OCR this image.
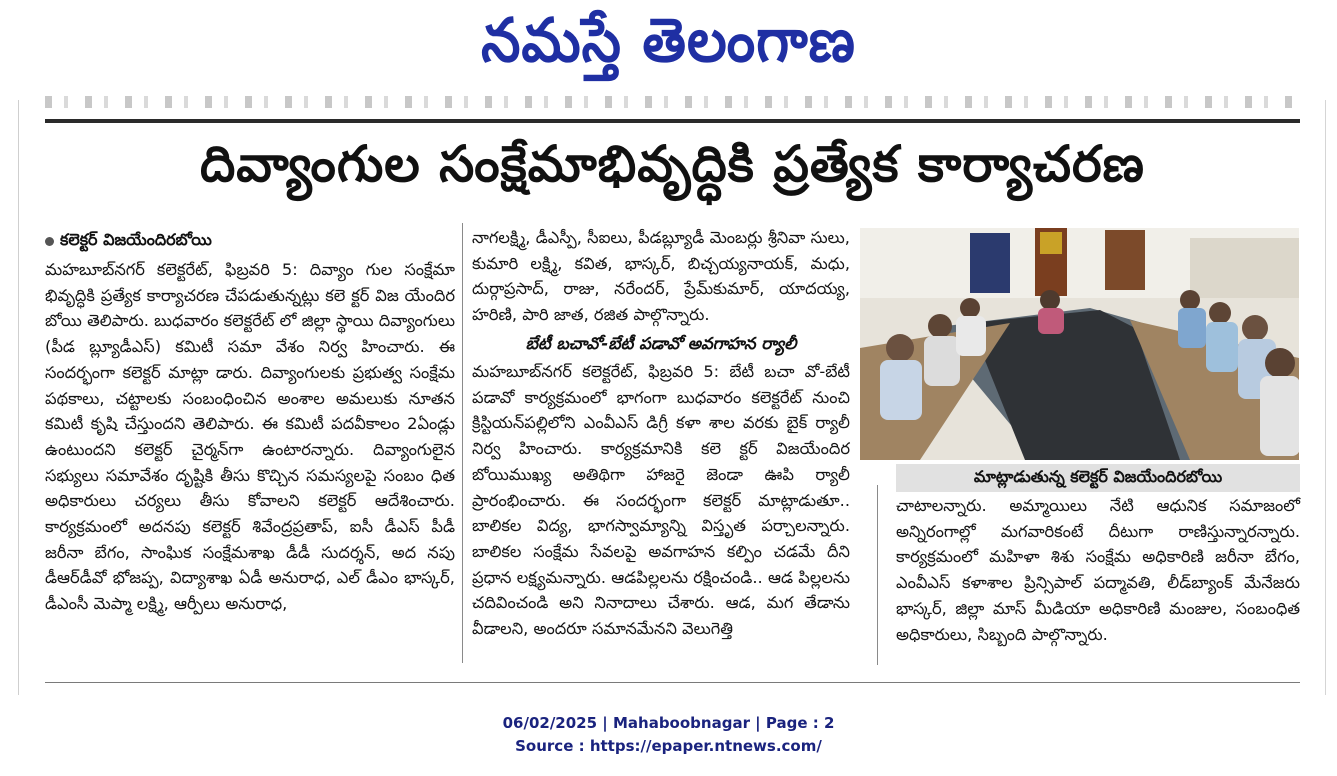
నమస్తే తెలంగాణ
దివ్యాంగుల సంక్షేమాభివృద్ధికి ప్రత్యేక కార్యాచరణ
కలెక్టర్ విజయేందిరబోయి

మహబూబ్‌నగర్ కలెక్టరేట్, ఫిబ్రవరి 5: దివ్యాం గుల సంక్షేమా భివృద్ధికి ప్రత్యేక కార్యాచరణ చేపడుతున్నట్లు కలె క్టర్ విజ యేందిర బోయి తెలిపారు. బుధవారం కలెక్టరేట్ లో జిల్లా స్థాయి దివ్యాంగులు (పీడ బ్ల్యూడీఎస్) కమిటీ సమా వేశం నిర్వ హించారు. ఈ సందర్భంగా కలెక్టర్ మాట్లా డారు. దివ్యాంగులకు ప్రభుత్వ సంక్షేమ పథకాలు, చట్టాలకు సంబంధించిన అంశాల అమలుకు నూతన కమిటీ కృషి చేస్తుందని తెలిపారు. ఈ కమిటీ పదవీకాలం 2ఏండ్లు ఉంటుందని కలెక్టర్ చైర్మన్‌గా ఉంటారన్నారు. దివ్యాంగులైన సభ్యులు సమావేశం దృష్టికి తీసు కొచ్చిన సమస్యలపై సంబం ధిత అధికారులు చర్యలు తీసు కోవాలని కలెక్టర్ ఆదేశించారు. కార్యక్రమంలో అదనపు కలెక్టర్ శివేంద్రప్రతాప్, ఐసీ డీఎస్ పీడీ జరీనా బేగం, సాంఘిక సంక్షేమశాఖ డీడీ సుదర్శన్, అద నపు డీఆర్‌డీవో భోజప్ప, విద్యాశాఖ ఏడీ అనురాధ, ఎల్ డీఎం భాస్కర్, డీఎంసీ మెప్మా లక్ష్మి, ఆర్పీలు అనురాధ,

నాగలక్ష్మి, డీఎస్పీ, సీఐలు, పీడబ్ల్యూడీ మెంబర్లు శ్రీనివా సులు, కుమారి లక్ష్మి, కవిత, భాస్కర్, బిచ్చయ్యనాయక్, మధు, దుర్గాప్రసాద్, రాజు, నరేందర్, ప్రేమ్‌కుమార్, యాదయ్య, హరిణి, పారి జాత, రజిత పాల్గొన్నారు.

బేటీ బచావో-బేటీ పడావో అవగాహన ర్యాలీ

మహబూబ్‌నగర్ కలెక్టరేట్, ఫిబ్రవరి 5: బేటీ బచా వో-బేటీ పడావో కార్యక్రమంలో భాగంగా బుధవారం కలెక్టరేట్ నుంచి క్రిస్టియన్‌పల్లిలోని ఎంవీఎస్ డిగ్రీ కళా శాల వరకు బైక్ ర్యాలీ నిర్వ హించారు. కార్యక్రమానికి కలె క్టర్ విజయేందిర బోయిముఖ్య అతిథిగా హాజరై జెండా ఊపి ర్యాలీ ప్రారంభించారు. ఈ సందర్భంగా కలెక్టర్ మాట్లాడుతూ.. బాలికల విద్య, భాగస్వామ్యాన్ని విస్తృత పర్చాలన్నారు. బాలికల సంక్షేమ సేవలపై అవగాహన కల్పిం చడమే దీని ప్రధాన లక్ష్యమన్నారు. ఆడపిల్లలను రక్షించండి.. ఆడ పిల్లలను చదివించండి అని నినాదాలు చేశారు. ఆడ, మగ తేడాను వీడాలని, అందరూ సమానమేనని వెలుగెత్తి

మాట్లాడుతున్న కలెక్టర్ విజయేందిరబోయి

చాటాలన్నారు. అమ్మాయిలు నేటి ఆధునిక సమాజంలో అన్నిరంగాల్లో మగవారికంటే దీటుగా రాణిస్తున్నారన్నారు. కార్యక్రమంలో మహిళా శిశు సంక్షేమ అధికారిణి జరీనా బేగం, ఎంవీఎస్ కళాశాల ప్రిన్సిపాల్ పద్మావతి, లీడ్‌బ్యాంక్ మేనేజరు భాస్కర్, జిల్లా మాస్ మీడియా అధికారిణి మంజుల, సంబంధిత అధికారులు, సిబ్బంది పాల్గొన్నారు.

06/02/2025 | Mahaboobnagar | Page : 2
Source : https://epaper.ntnews.com/
